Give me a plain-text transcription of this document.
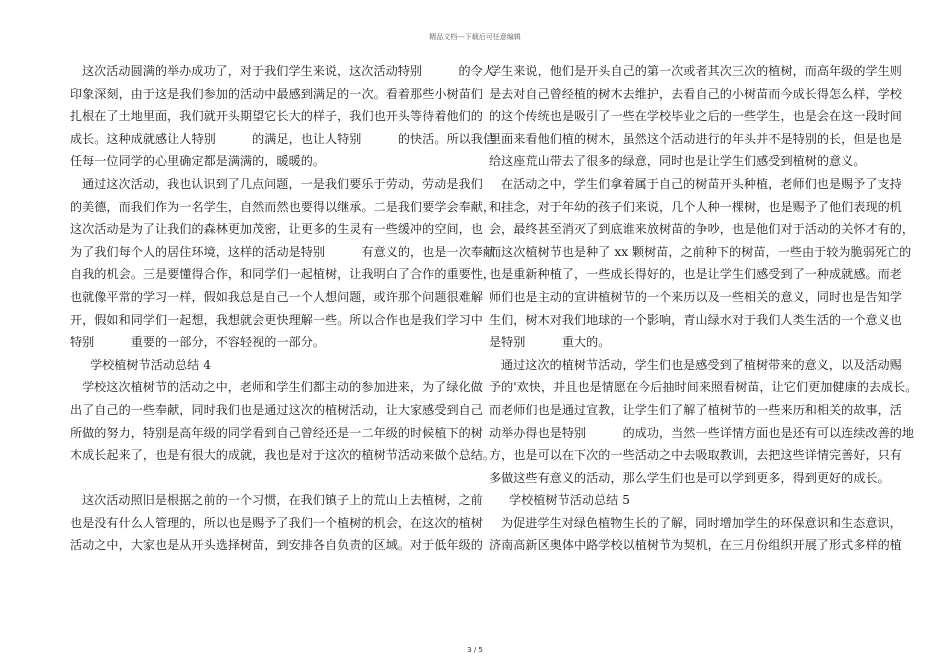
精品文档---下载后可任意编辑
这次活动圆满的举办成功了，对于我们学生来说，这次活动特别　　　的令人
印象深刻，由于这是我们参加的活动中最感到满足的一次。看着那些小树苗们
扎根在了土地里面，我们就开头期望它长大的样子，我们也开头等待着他们的
成长。这种成就感让人特别　　　的满足，也让人特别　　　的快活。所以我信
任每一位同学的心里确定都是满满的，暖暖的。
通过这次活动，我也认识到了几点问题，一是我们要乐于劳动，劳动是我们
的美德，而我们作为一名学生，自然而然也要得以继承。二是我们要学会奉献，
这次活动是为了让我们的森林更加茂密，让更多的生灵有一些缓冲的空间，也
为了我们每个人的居住环境，这样的活动是特别　　　有意义的，也是一次奉献
自我的机会。三是要懂得合作，和同学们一起植树，让我明白了合作的重要性，
也就像平常的学习一样，假如我总是自己一个人想问题，或许那个问题很难解
开，假如和同学们一起想，我想就会更快理解一些。所以合作也是我们学习中
特别　　　重要的一部分，不容轻视的一部分。
学校植树节活动总结 4
学校这次植树节的活动之中，老师和学生们都主动的参加进来，为了绿化做
出了自己的一些奉献，同时我们也是通过这次的植树活动，让大家感受到自己
所做的努力，特别是高年级的同学看到自己曾经还是一二年级的时候植下的树
木成长起来了，也是有很大的成就，我也是对于这次的植树节活动来做个总结。
这次活动照旧是根据之前的一个习惯，在我们镇子上的荒山上去植树，之前
也是没有什么人管理的，所以也是赐予了我们一个植树的机会，在这次的植树
活动之中，大家也是从开头选择树苗，到安排各自负责的区域。对于低年级的
学生来说，他们是开头自己的第一次或者其次三次的植树，而高年级的学生则
是去对自己曾经植的树木去维护，去看自己的小树苗而今成长得怎么样，学校
的这个传统也是吸引了一些在学校毕业之后的一些学生，也是会在这一段时间
里面来看他们植的树木，虽然这个活动进行的年头并不是特别的长，但是也是
给这座荒山带去了很多的绿意，同时也是让学生们感受到植树的意义。
在活动之中，学生们拿着属于自己的树苗开头种植，老师们也是赐予了支持
和挂念，对于年幼的孩子们来说，几个人种一棵树，也是赐予了他们表现的机
会，最终甚至消灭了到底谁来放树苗的争吵，也是他们对于活动的关怀才有的，
而这次植树节也是种了 xx 颗树苗，之前种下的树苗，一些由于较为脆弱死亡的
也是重新种植了，一些成长得好的，也是让学生们感受到了一种成就感。而老
师们也是主动的宣讲植树节的一个来历以及一些相关的意义，同时也是告知学
生们，树木对我们地球的一个影响，青山绿水对于我们人类生活的一个意义也
是特别　　　重大的。
通过这次的植树节活动，学生们也是感受到了植树带来的意义，以及活动赐
予的'欢快，并且也是情愿在今后抽时间来照看树苗，让它们更加健康的去成长。
而老师们也是通过宣教，让学生们了解了植树节的一些来历和相关的故事，活
动举办得也是特别　　　的成功，当然一些详情方面也是还有可以连续改善的地
方，也是可以在下次的一些活动之中去吸取教训，去把这些详情完善好，只有
多做这些有意义的活动，那么学生们也是可以学到更多，得到更好的成长。
学校植树节活动总结 5
为促进学生对绿色植物生长的了解，同时增加学生的环保意识和生态意识，
济南高新区奥体中路学校以植树节为契机，在三月份组织开展了形式多样的植
3 / 5
